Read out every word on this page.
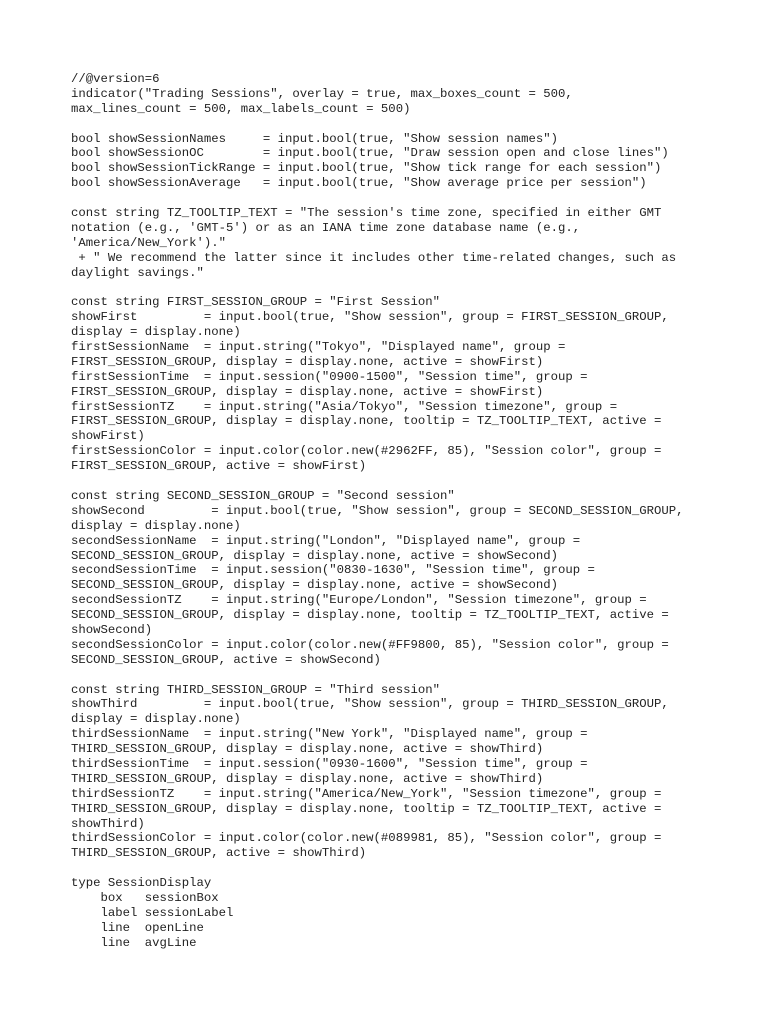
//@version=6
indicator("Trading Sessions", overlay = true, max_boxes_count = 500,
max_lines_count = 500, max_labels_count = 500)
bool showSessionNames     = input.bool(true, "Show session names")
bool showSessionOC        = input.bool(true, "Draw session open and close lines")
bool showSessionTickRange = input.bool(true, "Show tick range for each session")
bool showSessionAverage   = input.bool(true, "Show average price per session")
const string TZ_TOOLTIP_TEXT = "The session's time zone, specified in either GMT
notation (e.g., 'GMT-5') or as an IANA time zone database name (e.g.,
'America/New_York')."
+ " We recommend the latter since it includes other time-related changes, such as
daylight savings."
const string FIRST_SESSION_GROUP = "First Session"
showFirst         = input.bool(true, "Show session", group = FIRST_SESSION_GROUP,
display = display.none)
firstSessionName  = input.string("Tokyo", "Displayed name", group =
FIRST_SESSION_GROUP, display = display.none, active = showFirst)
firstSessionTime  = input.session("0900-1500", "Session time", group =
FIRST_SESSION_GROUP, display = display.none, active = showFirst)
firstSessionTZ    = input.string("Asia/Tokyo", "Session timezone", group =
FIRST_SESSION_GROUP, display = display.none, tooltip = TZ_TOOLTIP_TEXT, active =
showFirst)
firstSessionColor = input.color(color.new(#2962FF, 85), "Session color", group =
FIRST_SESSION_GROUP, active = showFirst)
const string SECOND_SESSION_GROUP = "Second session"
showSecond         = input.bool(true, "Show session", group = SECOND_SESSION_GROUP,
display = display.none)
secondSessionName  = input.string("London", "Displayed name", group =
SECOND_SESSION_GROUP, display = display.none, active = showSecond)
secondSessionTime  = input.session("0830-1630", "Session time", group =
SECOND_SESSION_GROUP, display = display.none, active = showSecond)
secondSessionTZ    = input.string("Europe/London", "Session timezone", group =
SECOND_SESSION_GROUP, display = display.none, tooltip = TZ_TOOLTIP_TEXT, active =
showSecond)
secondSessionColor = input.color(color.new(#FF9800, 85), "Session color", group =
SECOND_SESSION_GROUP, active = showSecond)
const string THIRD_SESSION_GROUP = "Third session"
showThird         = input.bool(true, "Show session", group = THIRD_SESSION_GROUP,
display = display.none)
thirdSessionName  = input.string("New York", "Displayed name", group =
THIRD_SESSION_GROUP, display = display.none, active = showThird)
thirdSessionTime  = input.session("0930-1600", "Session time", group =
THIRD_SESSION_GROUP, display = display.none, active = showThird)
thirdSessionTZ    = input.string("America/New_York", "Session timezone", group =
THIRD_SESSION_GROUP, display = display.none, tooltip = TZ_TOOLTIP_TEXT, active =
showThird)
thirdSessionColor = input.color(color.new(#089981, 85), "Session color", group =
THIRD_SESSION_GROUP, active = showThird)
type SessionDisplay
box   sessionBox
label sessionLabel
line  openLine
line  avgLine
